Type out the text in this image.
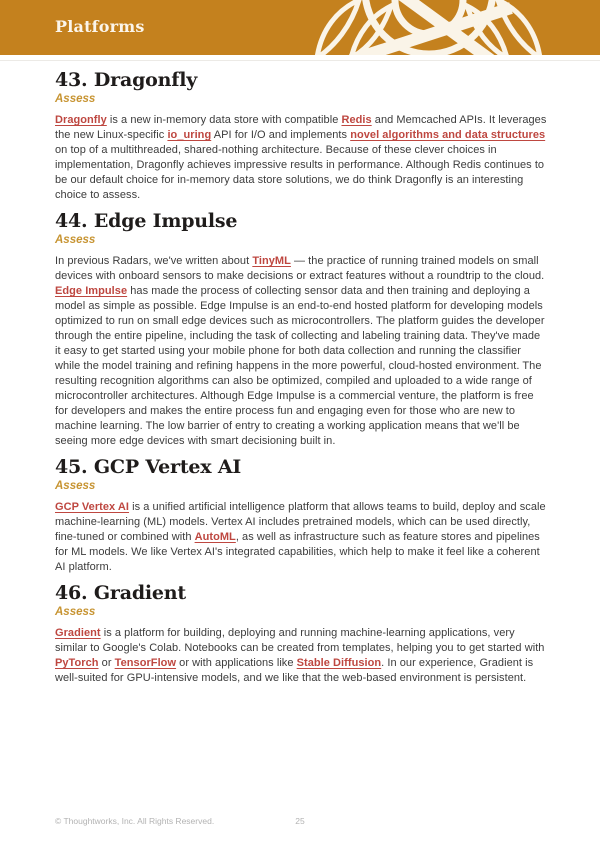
Platforms
43. Dragonfly
Assess

Dragonfly is a new in-memory data store with compatible Redis and Memcached APIs. It leverages the new Linux-specific io_uring API for I/O and implements novel algorithms and data structures on top of a multithreaded, shared-nothing architecture. Because of these clever choices in implementation, Dragonfly achieves impressive results in performance. Although Redis continues to be our default choice for in-memory data store solutions, we do think Dragonfly is an interesting choice to assess.

44. Edge Impulse
Assess

In previous Radars, we've written about TinyML — the practice of running trained models on small devices with onboard sensors to make decisions or extract features without a roundtrip to the cloud. Edge Impulse has made the process of collecting sensor data and then training and deploying a model as simple as possible. Edge Impulse is an end-to-end hosted platform for developing models optimized to run on small edge devices such as microcontrollers. The platform guides the developer through the entire pipeline, including the task of collecting and labeling training data. They've made it easy to get started using your mobile phone for both data collection and running the classifier while the model training and refining happens in the more powerful, cloud-hosted environment. The resulting recognition algorithms can also be optimized, compiled and uploaded to a wide range of microcontroller architectures. Although Edge Impulse is a commercial venture, the platform is free for developers and makes the entire process fun and engaging even for those who are new to machine learning. The low barrier of entry to creating a working application means that we'll be seeing more edge devices with smart decisioning built in.

45. GCP Vertex AI
Assess

GCP Vertex AI is a unified artificial intelligence platform that allows teams to build, deploy and scale machine-learning (ML) models. Vertex AI includes pretrained models, which can be used directly, fine-tuned or combined with AutoML, as well as infrastructure such as feature stores and pipelines for ML models. We like Vertex AI's integrated capabilities, which help to make it feel like a coherent AI platform.

46. Gradient
Assess

Gradient is a platform for building, deploying and running machine-learning applications, very similar to Google's Colab. Notebooks can be created from templates, helping you to get started with PyTorch or TensorFlow or with applications like Stable Diffusion. In our experience, Gradient is well-suited for GPU-intensive models, and we like that the web-based environment is persistent.

© Thoughtworks, Inc. All Rights Reserved.	25
